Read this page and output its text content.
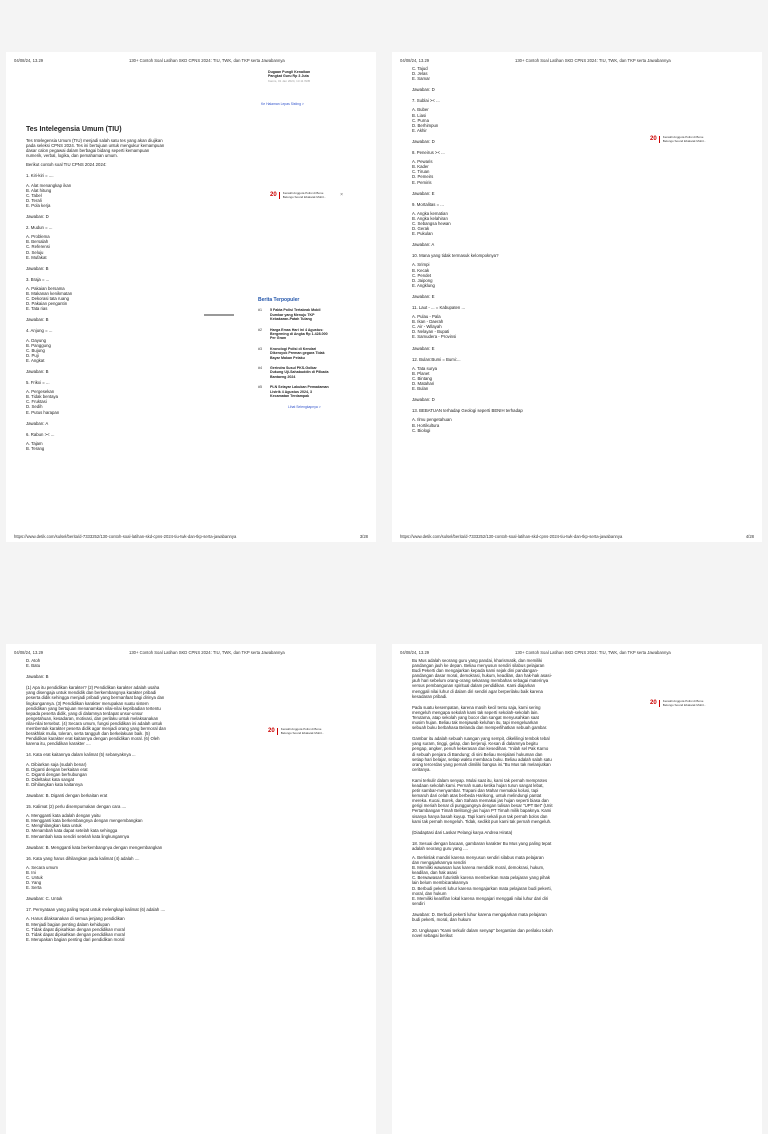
04/08/24, 13.29	130+ Contoh Soal Latihan SKD CPNS 2024: TIU, TWK, dan TKP serta Jawabannya
Dugaan Pungli Kenaikan
Pangkat Guru Rp 3 Juta
Kamis, 01 Jan 2024, 13.11 WIB
Ke Halaman Lepas Sisting >
Tes Intelegensia Umum (TIU)

Tes Intelegensia Umum (TIU) menjadi salah satu tes yang akan diujikan

pada seleksi CPNS 2024. Tes ini bertujuan untuk mengukur kemampuan

dasar calon pegawai dalam berbagai bidang seperti kemampuan

numerik, verbal, logika, dan pemahaman umum.

Berikut contoh soal TIU CPNS 2024 2024:

1. Kiri-kiri = ....

A. Alat menangkap ikan

B. Alat hitung

C. Tabel

D. Terali

E. Pola kerja

Jawaban: D

2. Mudun = ...

A. Problema

B. Bersalah

C. Referensi

D. Seluju

E. Mufakat

Jawaban: B

3. Braja = ...

A. Pakaian bersama

B. Makanan kenikmatan

C. Dekorasi tata ruang

D. Pakaian pengantin

E. Tata rias

Jawaban: B

4. Anjung = ...

A. Dayung

B. Panggung

C. Bujung

D. Puji

E. Angkat

Jawaban: B

5. Frikxi = ...

A. Pergesekan

B. Tidak bentaya

C. Fruktasi

D. Sedih

E. Putus harapan

Jawaban: A

6. Rabun >< ...

A. Tajam

B. Terang

20 Kenakli Anggota Polisi di Bone
Belongo Sound Ebakvak Mobil...	×
Berita Terpopuler
#1	5 Fakta Polisi Tertabrak Mobil Dumkar yang Menuju TKP Kebakaran-Patah Tulang
#2	Harga Emas Hari ini 4 Agustus: Bergeming di Angka Rp 1.428.000 Per Gram
#3	Kronologi Polisi di Kendari Dikeroyok Preman gegara Tidak Bayar Makan Pelaku
#4	Gerindra Susul PKS-Golkar Dukung Uji-Sahabuddin di Pilkada Bantaeng 2024
#5	PLN Selayar Lakukan Pemadaman Listrik 4 Agustus 2024, 3 Kecamatan Terdampak
Lihat Selengkapnya >
https://www.detik.com/sulsel/berita/d-7333252/130-contoh-soal-latihan-skd-cpns-2024-tiu-twk-dan-tkp-serta-jawabannya	3/28
04/08/24, 13.29	130+ Contoh Soal Latihan SKD CPNS 2024: TIU, TWK, dan TKP serta Jawabannya

C. Tajud

D. Jelas

E. Samar

Jawaban: D

7. Sublai >< ...

A. Buber

B. Liasi

C. Purna

D. Berhimpun

E. Akhir

Jawaban: D

8. Peneirus >< ...

A. Pewaris

B. Kader

C. Tiruan

D. Pemeirs

E. Pemiris

Jawaban: E

9. Mortalitas = ...

A. Angka kematian

B. Angka kelahiran

C. Sebangsa hewan

D. Gerak

E. Pukulan

Jawaban: A

10. Mana yang tidak termasuk kelompoknya?

A. Srimpi

B. Kecak

C. Pendet

D. Jaipong

E. Angklung

Jawaban: E

11. Laut - ... = Kabupaten ...

A. Pulau - Pala

B. Ikan - Daerah

C. Air - Wilayah

D. Nelayan - Bupati

E. Samudera - Provinsi

Jawaban: E

12. Bulan:Bumi = Bumi:...

A. Tata surya

B. Planet

C. Bintang

D. Matahari

E. Bulan

Jawaban: D

13. BEBATUAN terhadap Geologi seperti BENIH terhadap

A. Ilmu pengetahuan

B. Hortikultura

C. Biologi

20 Kenakli Anggota Polisi di Bone
Belongo Sound Ebakvak Mobil...
https://www.detik.com/sulsel/berita/d-7333252/130-contoh-soal-latihan-skd-cpns-2024-tiu-twk-dan-tkp-serta-jawabannya	4/28
04/08/24, 13.29	130+ Contoh Soal Latihan SKD CPNS 2024: TIU, TWK, dan TKP serta Jawabannya

D. Atoh

E. Batu

Jawaban: B

(1) Apa itu pendidikan karakter? (2) Pendidikan karakter adalah usaha

yang disengaja untuk mendidik dan berkembangnya karakter pribadi

peserta didik sehingga menjadi pribadi yang bermanfaat bagi dirinya dan

lingkungannya. (3) Pendidikan karakter merupakan suatu sistem

pendidikan yang bertujuan menanamkan nilai-nilai kepribadian tertentu

kepada peserta didik, yang di dalamnya terdapat unsur-unsur

pengetahuan, kesadaran, motivasi, dan perilaku untuk melaksanakan

nilai-nilai tersebut. (4) Secara umum, fungsi pendidikan ini adalah untuk

membentuk karakter peserta didik agar menjadi orang yang bermoral dan

berakhlak mulia, toleran, serta tangguh dan berkelakuan baik. (5)

Pendidikan karakter erat kaitannya dengan pendidikan moral. (6) Oleh

karena itu, pendidikan karakter ....

14. Kata erat kaitannya dalam kalimat (5) sebanyaknya ...

A. Dibiarkan saja (sudah benar)

B. Diganti dengan berkaitan erat

C. Diganti dengan berhubungan

D. Dideltakut kata sangat

E. Dihilangkan kata kaitannya

Jawaban: B. Diganti dengan berkaitan erat

15. Kalimat (2) perlu disempurnakan dengan cara ....

A. Mengganti kata adalah dengan yaitu

B. Mengganti kata berkembangnya dengan mengembangkan

C. Menghilangkan kata untuk

D. Menambah kata dapat setelah kata sehingga

E. Menambah kata sendiri setelah kata lingkungannya

Jawaban: B. Mengganti kata berkembangnya dengan mengembangkan

16. Kata yang harus dihilangkan pada kalimat (4) adalah ....

A. Secara umum

B. Ini

C. Untuk

D. Yang

E. Serta

Jawaban: C. Untuk

17. Pernyataan yang paling tepat untuk melengkapi kalimat (6) adalah ....

A. Harus dilaksanakan di semua jenjang pendidikan

B. Menjadi bagian penting dalam kehidupan

C. Tidak dapat dipisahkan dengan pendidikan moral

D. Tidak dapat dipisahkan dengan pendidikan moral

E. Merupakan bagian penting dari pendidikan moral

20 Kenakli Anggota Polisi di Bone
Belongo Sound Ebakvak Mobil...
04/08/24, 13.29	130+ Contoh Soal Latihan SKD CPNS 2024: TIU, TWK, dan TKP serta Jawabannya

Bu Mus adalah seorang guru yang pandai, kharismatik, dan memiliki

pandangan jauh ke depan. Beliau menyusun sendiri silabus pelajaran

Budi Pekerti dan mengajarkan kepada kami sejak dini pandangan-

pandangan dasar moral, demokrasi, hukum, keadilan, dan hak-hak asasi-

jauh hari sebelum orang-orang sekarang membahas sebagai materinya

versus pembangunan spiritual dalam pendidikan. Kami diajarkan

menggali nilai luhur di dalam diri sendiri agar berperilaku baik karena

kesadaran pribadi.

Pada suatu kesempatan, karena masih kecil tentu saja, kami sering

mengeluh mengapa sekolah kami tak seperti sekolah-sekolah lain.

Terutama, atap sekolah yang bocor dan sangat menyusahkan saat

musim hujan. Beliau tak menjawab keluhan itu, tapi mengeluarkan

sebuah buku berbahasa Belanda dan memperlihatkan sebuah gambar.

Gambar itu adalah sebuah ruangan yang sempit, dikelilingi tembok tebal

yang suram, tinggi, gelap, dan berjeruji. Kesan di dalamnya begitu

pengap, angker, penuh kekerasan dan kesedihan. "Inilah sel Pak Karno

di sebuah penjara di Bandung; di sini Beliau menjalani hukuman dan

setiap hari belajar, setiap waktu membaca buku. Beliau adalah salah satu

orang tercerdas yang pernah dimiliki bangsa ini."Bu Mus tak melanjutkan

ceritanya.

Kami terkulir dalam senyap. Mulai saat itu, kami tak pernah memprotes

keadaan sekolah kami. Pernah suatu ketika hujan turun sangat lebat,

petir sambar-menyambar. Trapani dan Mahar memakai kolusi, tapi

kemaruh dari celah atas berbeda Harikong, untuk melindungi pantat

mereka. Kucai, Borek, dan Sahara memakai jas hujan seperti biasa dan

gerigi meriah benar di punggungnya dengan tulisan besar "UPT Bet" (Unit

Pertambangan Timah Belitong)-jas hujan PT Timah milik bapaknya. Kami

sisanya hanya basah kuyup. Tapi kami sekali pun tak pernah bolos dan

kami tak pernah mengeluh. Tidak, sedikit pun kami tak pernah mengeluh.

(Diadaptasi dari Laskar Pelangi karya Andrea Hirata)

18. Sesuai dengan bacaan, gambaran karakter Bu Mus yang paling tepat

adalah seorang guru yang ....

A. Berkinlak mandiri karena menyusun sendiri silabus mata pelajaran

dan mengajarkannya sendiri

B. Memiliki wawasan luas karena mendidik moral, demokrasi, hukum,

keadilan, dan hak asasi

C. Berwawasan futuristik karena memberikan mata pelajaran yang pihak

lain belum membicarakannya

D. Berbudi pekerti luhur karena mengajarkan mata pelajaran budi pekerti,

moral, dan hukum

E. Memiliki keariflan lokal karena mengajari menggali nilai luhur dari diri

sendiri

Jawaban: D. Berbudi pekerti luhur karena mengajarkan mata pelajaran

budi pekerti, moral, dan hukum

20. Ungkapan "Kami terkulir dalam senyap" bergantian dan perilaku tokoh

novel sebagai berikut

20 Kenakli Anggota Polisi di Bone
Belongo Sound Ebakvak Mobil...
